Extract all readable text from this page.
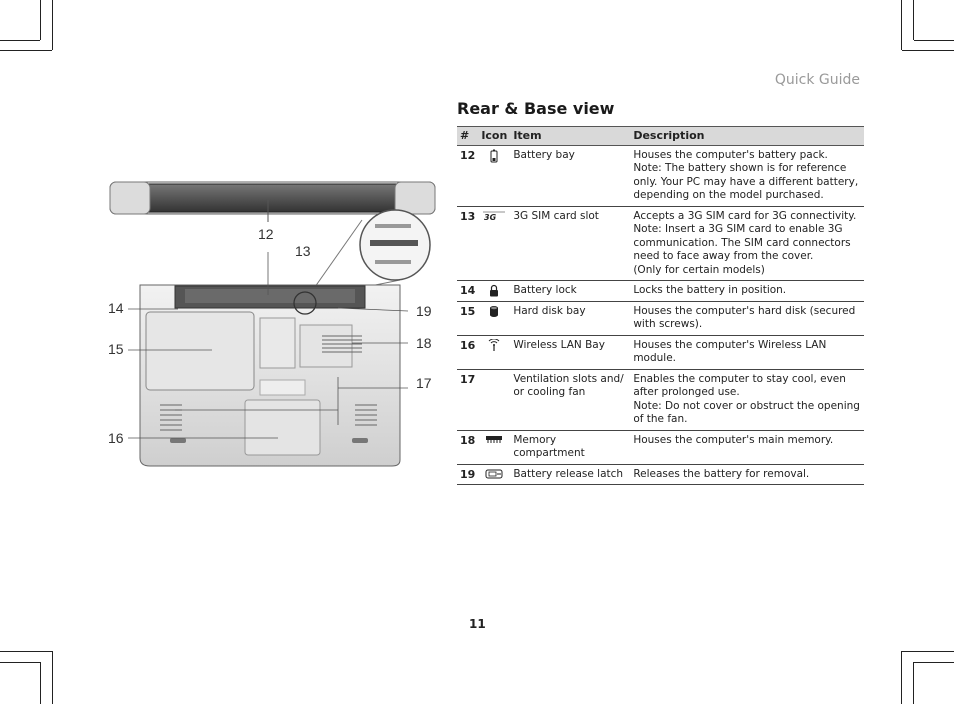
Quick Guide
Rear & Base view
12
13
14
15
16
17
18
19
#	Icon	Item	Description
12		Battery bay	Houses the computer's battery pack.
Note: The battery shown is for reference only. Your PC may have a different battery, depending on the model purchased.

13	3G	3G SIM card slot	Accepts a 3G SIM card for 3G connectivity.
Note: Insert a 3G SIM card to enable 3G communication. The SIM card connectors need to face away from the cover.
(Only for certain models)

14		Battery lock	Locks the battery in position.

15		Hard disk bay	Houses the computer's hard disk (secured with screws).

16		Wireless LAN Bay	Houses the computer's Wireless LAN module.

17		Ventilation slots and/ or cooling fan	Enables the computer to stay cool, even after prolonged use.
Note: Do not cover or obstruct the opening of the fan.

18		Memory compartment	Houses the computer's main memory.

19		Battery release latch	Releases the battery for removal.
11
